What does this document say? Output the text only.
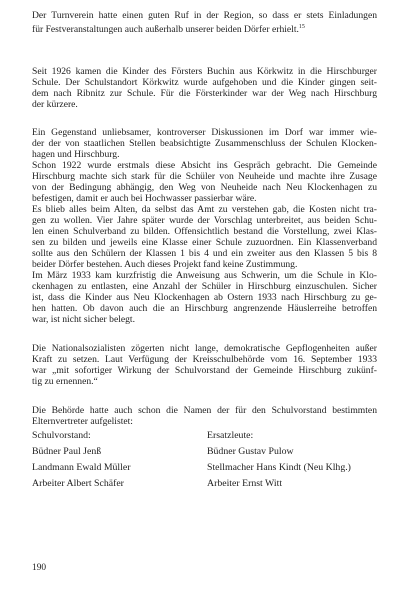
Der Turnverein hatte einen guten Ruf in der Region, so dass er stets Einladungen
für Festveranstaltungen auch außerhalb unserer beiden Dörfer erhielt.$^{15}$
Seit 1926 kamen die Kinder des Försters Buchin aus Körkwitz in die Hirschburger
Schule. Der Schulstandort Körkwitz wurde aufgehoben und die Kinder gingen seit-
dem nach Ribnitz zur Schule. Für die Försterkinder war der Weg nach Hirschburg
der kürzere.
Ein Gegenstand unliebsamer, kontroverser Diskussionen im Dorf war immer wie-
der der von staatlichen Stellen beabsichtigte Zusammenschluss der Schulen Klocken-
hagen und Hirschburg.
Schon 1922 wurde erstmals diese Absicht ins Gespräch gebracht. Die Gemeinde
Hirschburg machte sich stark für die Schüler von Neuheide und machte ihre Zusage
von der Bedingung abhängig, den Weg von Neuheide nach Neu Klockenhagen zu
befestigen, damit er auch bei Hochwasser passierbar wäre.
Es blieb alles beim Alten, da selbst das Amt zu verstehen gab, die Kosten nicht tra-
gen zu wollen. Vier Jahre später wurde der Vorschlag unterbreitet, aus beiden Schu-
len einen Schulverband zu bilden. Offensichtlich bestand die Vorstellung, zwei Klas-
sen zu bilden und jeweils eine Klasse einer Schule zuzuordnen. Ein Klassenverband
sollte aus den Schülern der Klassen 1 bis 4 und ein zweiter aus den Klassen 5 bis 8
beider Dörfer bestehen. Auch dieses Projekt fand keine Zustimmung.
Im März 1933 kam kurzfristig die Anweisung aus Schwerin, um die Schule in Klo-
ckenhagen zu entlasten, eine Anzahl der Schüler in Hirschburg einzuschulen. Sicher
ist, dass die Kinder aus Neu Klockenhagen ab Ostern 1933 nach Hirschburg zu ge-
hen hatten. Ob davon auch die an Hirschburg angrenzende Häuslerreihe betroffen
war, ist nicht sicher belegt.
Die Nationalsozialisten zögerten nicht lange, demokratische Gepflogenheiten außer
Kraft zu setzen. Laut Verfügung der Kreisschulbehörde vom 16. September 1933
war „mit sofortiger Wirkung der Schulvorstand der Gemeinde Hirschburg zukünf-
tig zu ernennen.“
Die Behörde hatte auch schon die Namen der für den Schulvorstand bestimmten
Elternvertreter aufgelistet:
Schulvorstand:
Büdner Paul Jenß
Landmann Ewald Müller
Arbeiter Albert Schäfer
Ersatzleute:
Büdner Gustav Pulow
Stellmacher Hans Kindt (Neu Klhg.)
Arbeiter Ernst Witt
190
